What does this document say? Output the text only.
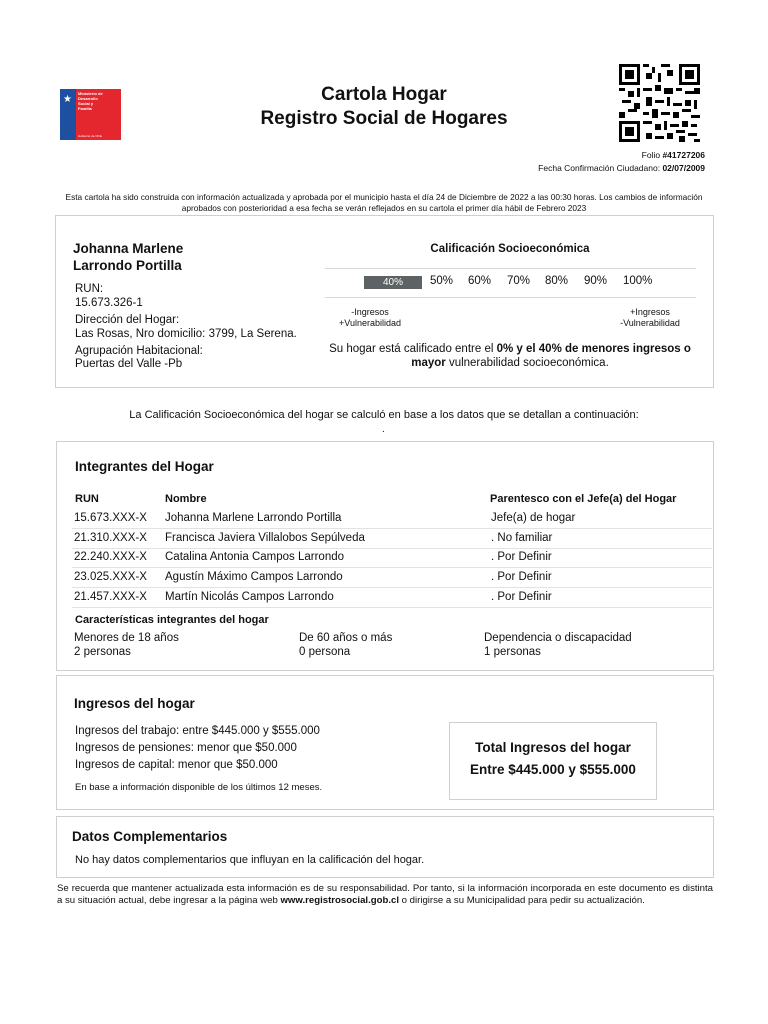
★
Ministerio de
Desarrollo
Social y
Familia
Gobierno de Chile
Cartola Hogar
Registro Social de Hogares
Folio #41727206
Fecha Confirmación Ciudadano: 02/07/2009
Esta cartola ha sido construida con información actualizada y aprobada por el municipio hasta el día 24 de Diciembre de 2022 a las 00:30 horas. Los cambios de información aprobados con posterioridad a esa fecha se verán reflejados en su cartola el primer día hábil de Febrero 2023
Johanna Marlene
Larrondo Portilla
RUN:
15.673.326-1
Dirección del Hogar:
Las Rosas, Nro domicilio: 3799, La Serena.
Agrupación Habitacional:
Puertas del Valle -Pb
Calificación Socioeconómica
40%	50% 60% 70% 80% 90% 100%
-Ingresos
+Vulnerabilidad
+Ingresos
-Vulnerabilidad
Su hogar está calificado entre el 0% y el 40% de menores ingresos o mayor vulnerabilidad socioeconómica.
La Calificación Socioeconómica del hogar se calculó en base a los datos que se detallan a continuación:
.
Integrantes del Hogar
RUN	Nombre	Parentesco con el Jefe(a) del Hogar
15.673.XXX-X Johanna Marlene Larrondo Portilla	Jefe(a) de hogar
21.310.XXX-X Francisca Javiera Villalobos Sepúlveda	. No familiar
22.240.XXX-X Catalina Antonia Campos Larrondo	. Por Definir
23.025.XXX-X Agustín Máximo Campos Larrondo	. Por Definir
21.457.XXX-X Martín Nicolás Campos Larrondo	. Por Definir
Características integrantes del hogar
Menores de 18 años
2 personas
De 60 años o más
0 persona
Dependencia o discapacidad
1 personas
Ingresos del hogar
Ingresos del trabajo: entre $445.000 y $555.000
Ingresos de pensiones: menor que $50.000
Ingresos de capital: menor que $50.000
En base a información disponible de los últimos 12 meses.
Total Ingresos del hogar
Entre $445.000 y $555.000
Datos Complementarios
No hay datos complementarios que influyan en la calificación del hogar.
Se recuerda que mantener actualizada esta información es de su responsabilidad. Por tanto, si la información incorporada en este documento es distinta a su situación actual, debe ingresar a la página web www.registrosocial.gob.cl o dirigirse a su Municipalidad para pedir su actualización.
